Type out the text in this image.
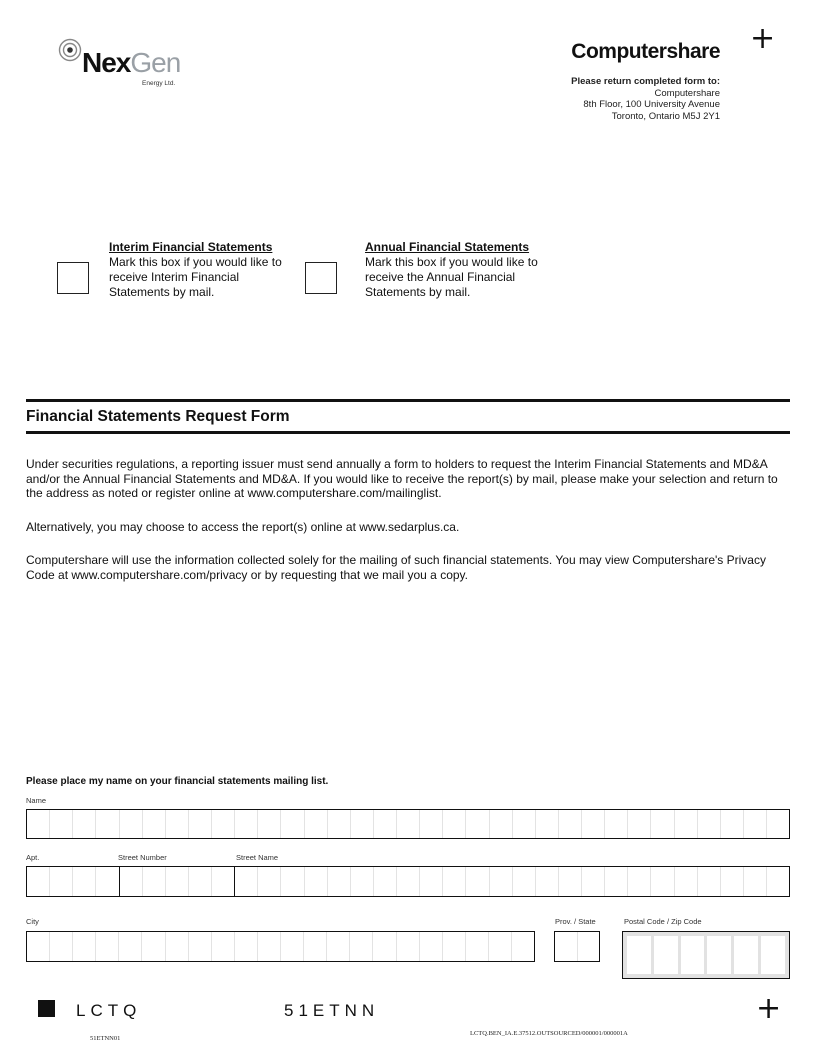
+
+
NexGen
Energy Ltd.
Computershare
Please return completed form to:
Computershare
8th Floor, 100 University Avenue
Toronto, Ontario M5J 2Y1
Interim Financial Statements
Mark this box if you would like to receive Interim Financial Statements by mail.
Annual Financial Statements
Mark this box if you would like to receive the Annual Financial Statements by mail.
Financial Statements Request Form
Under securities regulations, a reporting issuer must send annually a form to holders to request the Interim Financial Statements and MD&A and/or the Annual Financial Statements and MD&A. If you would like to receive the report(s) by mail, please make your selection and return to the address as noted or register online at www.computershare.com/mailinglist.
Alternatively, you may choose to access the report(s) online at www.sedarplus.ca.
Computershare will use the information collected solely for the mailing of such financial statements. You may view Computershare's Privacy Code at www.computershare.com/privacy or by requesting that we mail you a copy.
Please place my name on your financial statements mailing list.
Name
Apt.	Street Number	Street Name
City	Prov. / State	Postal Code / Zip Code
LCTQ	51ETNN
51ETNN01
LCTQ.BEN_IA.E.37512.OUTSOURCED/000001/000001A
